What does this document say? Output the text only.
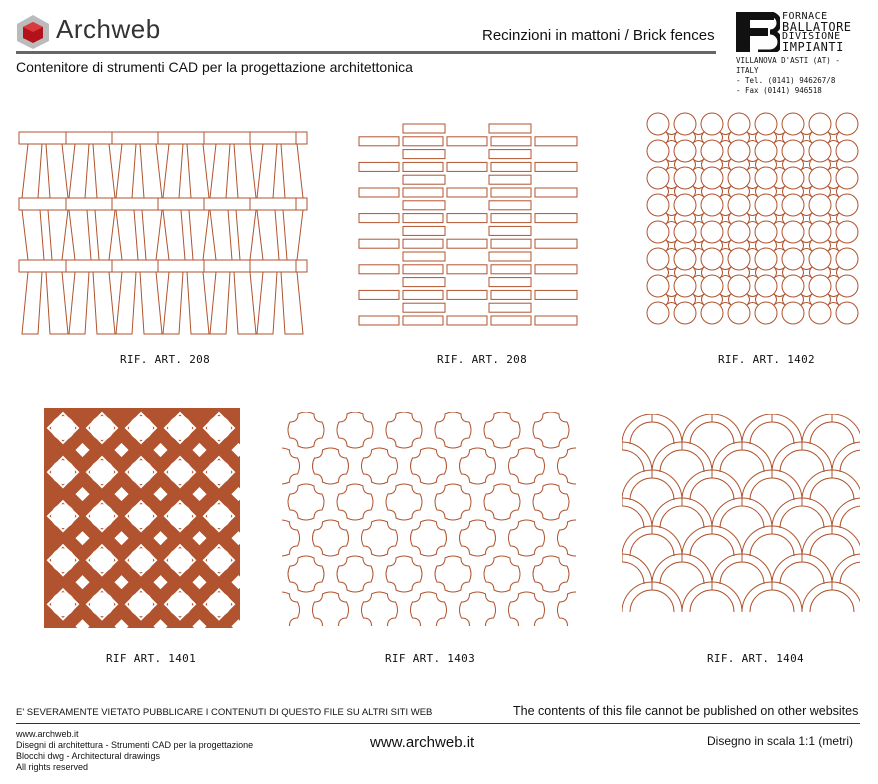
Archweb	Recinzioni in mattoni / Brick fences
Contenitore di strumenti CAD per la progettazione architettonica
FORNACE
BALLATORE
DIVISIONE
IMPIANTI
VILLANOVA D'ASTI (AT) - ITALY
- Tel. (0141) 946267/8
- Fax (0141) 946518
RIF. ART. 208	RIF. ART. 208	RIF. ART. 1402
RIF ART. 1401	RIF ART. 1403	RIF. ART. 1404
E' SEVERAMENTE VIETATO PUBBLICARE I CONTENUTI DI QUESTO FILE SU ALTRI SITI WEB	The contents of this file cannot be published on other websites
www.archweb.it
Disegni di architettura - Strumenti CAD per la progettazione
Blocchi dwg - Architectural drawings
All rights reserved
www.archweb.it	Disegno in scala 1:1 (metri)
